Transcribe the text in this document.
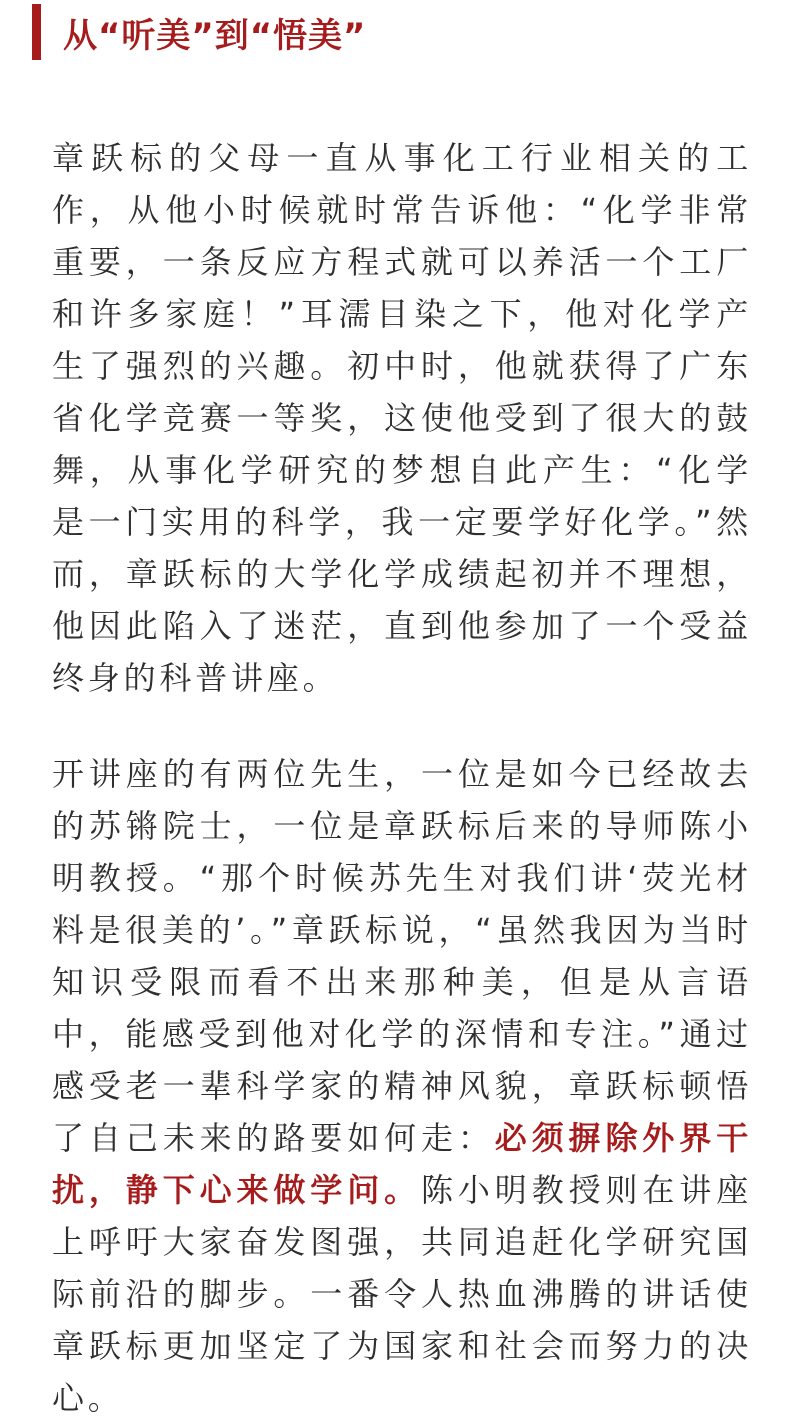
从“听美”到“悟美”

章跃标的父母一直从事化工行业相关的工作，从他小时候就时常告诉他：“化学非常重要，一条反应方程式就可以养活一个工厂和许多家庭！”耳濡目染之下，他对化学产生了强烈的兴趣。初中时，他就获得了广东省化学竞赛一等奖，这使他受到了很大的鼓舞，从事化学研究的梦想自此产生：“化学是一门实用的科学，我一定要学好化学。”然而，章跃标的大学化学成绩起初并不理想，他因此陷入了迷茫，直到他参加了一个受益终身的科普讲座。

开讲座的有两位先生，一位是如今已经故去的苏锵院士，一位是章跃标后来的导师陈小明教授。“那个时候苏先生对我们讲‘荧光材料是很美的’。”章跃标说，“虽然我因为当时知识受限而看不出来那种美，但是从言语中，能感受到他对化学的深情和专注。”通过感受老一辈科学家的精神风貌，章跃标顿悟了自己未来的路要如何走：必须摒除外界干扰，静下心来做学问。陈小明教授则在讲座上呼吁大家奋发图强，共同追赶化学研究国际前沿的脚步。一番令人热血沸腾的讲话使章跃标更加坚定了为国家和社会而努力的决心。
